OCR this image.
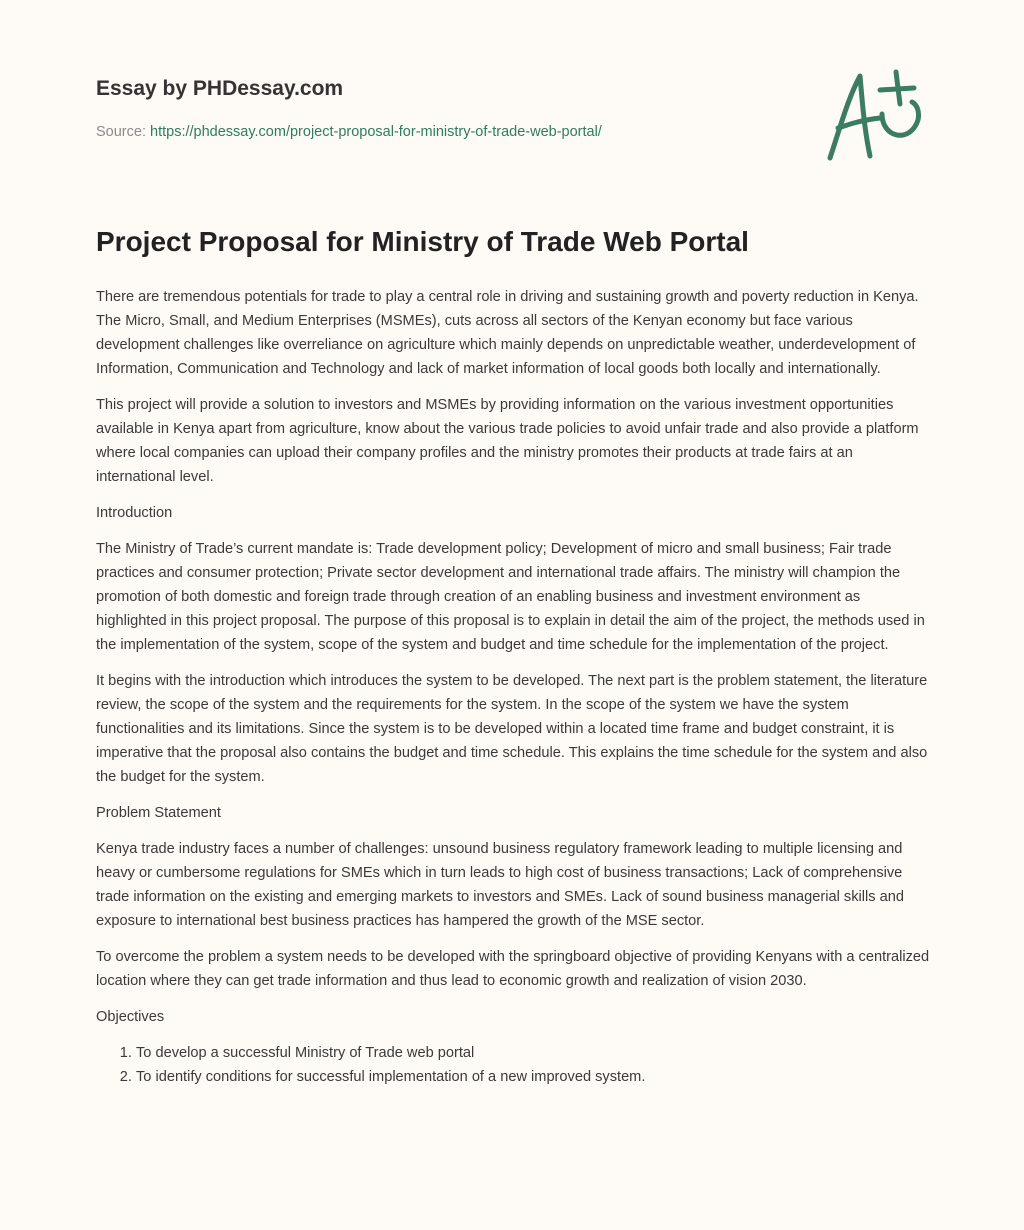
Essay by PHDessay.com
Source: https://phdessay.com/project-proposal-for-ministry-of-trade-web-portal/
Project Proposal for Ministry of Trade Web Portal

There are tremendous potentials for trade to play a central role in driving and sustaining growth and poverty reduction in Kenya. The Micro, Small, and Medium Enterprises (MSMEs), cuts across all sectors of the Kenyan economy but face various development challenges like overreliance on agriculture which mainly depends on unpredictable weather, underdevelopment of Information, Communication and Technology and lack of market information of local goods both locally and internationally.

This project will provide a solution to investors and MSMEs by providing information on the various investment opportunities available in Kenya apart from agriculture, know about the various trade policies to avoid unfair trade and also provide a platform where local companies can upload their company profiles and the ministry promotes their products at trade fairs at an international level.

Introduction

The Ministry of Trade’s current mandate is: Trade development policy; Development of micro and small business; Fair trade practices and consumer protection; Private sector development and international trade affairs. The ministry will champion the promotion of both domestic and foreign trade through creation of an enabling business and investment environment as highlighted in this project proposal. The purpose of this proposal is to explain in detail the aim of the project, the methods used in the implementation of the system, scope of the system and budget and time schedule for the implementation of the project.

It begins with the introduction which introduces the system to be developed. The next part is the problem statement, the literature review, the scope of the system and the requirements for the system. In the scope of the system we have the system functionalities and its limitations. Since the system is to be developed within a located time frame and budget constraint, it is imperative that the proposal also contains the budget and time schedule. This explains the time schedule for the system and also the budget for the system.

Problem Statement

Kenya trade industry faces a number of challenges: unsound business regulatory framework leading to multiple licensing and heavy or cumbersome regulations for SMEs which in turn leads to high cost of business transactions; Lack of comprehensive trade information on the existing and emerging markets to investors and SMEs. Lack of sound business managerial skills and exposure to international best business practices has hampered the growth of the MSE sector.

To overcome the problem a system needs to be developed with the springboard objective of providing Kenyans with a centralized location where they can get trade information and thus lead to economic growth and realization of vision 2030.

Objectives

1. To develop a successful Ministry of Trade web portal
2. To identify conditions for successful implementation of a new improved system.
